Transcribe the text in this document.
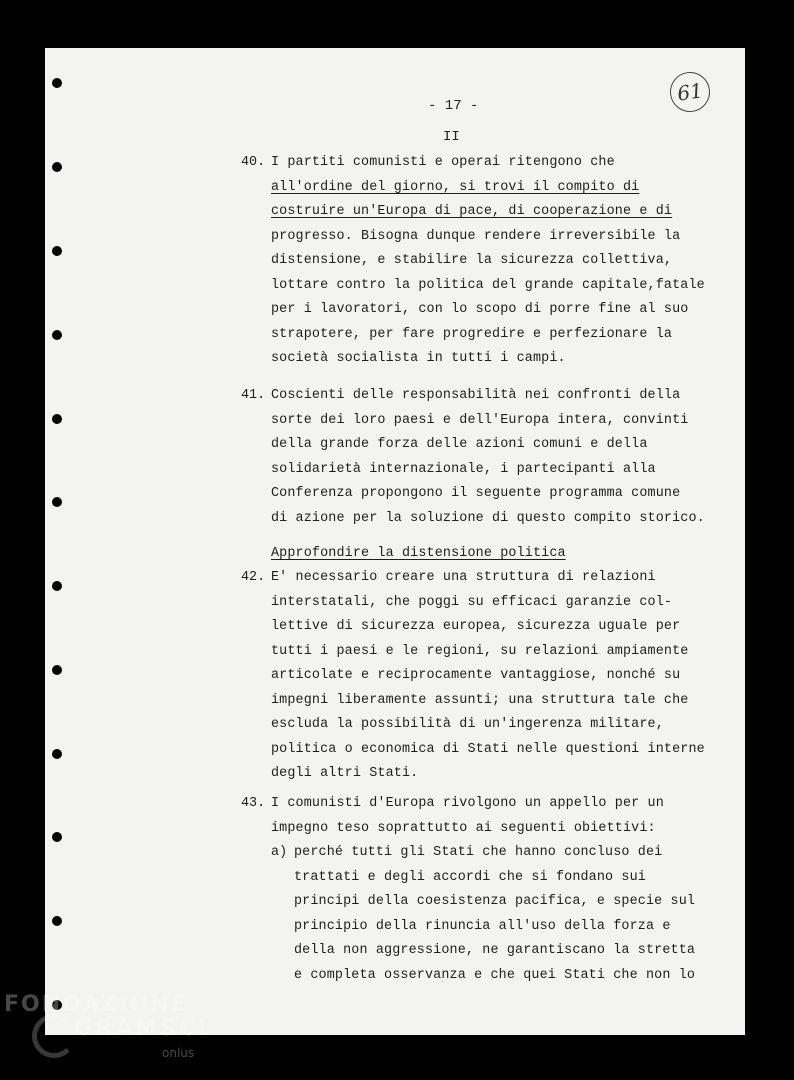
- 17 -
II
61
40. I partiti comunisti e operai ritengono che
all'ordine del giorno, si trovi il compito di
costruire un'Europa di pace, di cooperazione e di
progresso. Bisogna dunque rendere irreversibile la
distensione, e stabilire la sicurezza collettiva,
lottare contro la politica del grande capitale,fatale
per i lavoratori, con lo scopo di porre fine al suo
strapotere, per fare progredire e perfezionare la
società socialista in tutti i campi.
41. Coscienti delle responsabilità nei confronti della
sorte dei loro paesi e dell'Europa intera, convinti
della grande forza delle azioni comuni e della
solidarietà internazionale, i partecipanti alla
Conferenza propongono il seguente programma comune
di azione per la soluzione di questo compito storico.
Approfondire la distensione politica
42. E' necessario creare una struttura di relazioni
interstatali, che poggi su efficaci garanzie col-
lettive di sicurezza europea, sicurezza uguale per
tutti i paesi e le regioni, su relazioni ampiamente
articolate e reciprocamente vantaggiose, nonché su
impegni liberamente assunti; una struttura tale che
escluda la possibilità di un'ingerenza militare,
politica o economica di Stati nelle questioni interne
degli altri Stati.
43. I comunisti d'Europa rivolgono un appello per un
impegno teso soprattutto ai seguenti obiettivi:
a) perché tutti gli Stati che hanno concluso dei
trattati e degli accordi che si fondano sui
principi della coesistenza pacifica, e specie sul
principio della rinuncia all'uso della forza e
della non aggressione, ne garantiscano la stretta
e completa osservanza e che quei Stati che non lo
FONDAZIONE
GRAMSCI
onlus
